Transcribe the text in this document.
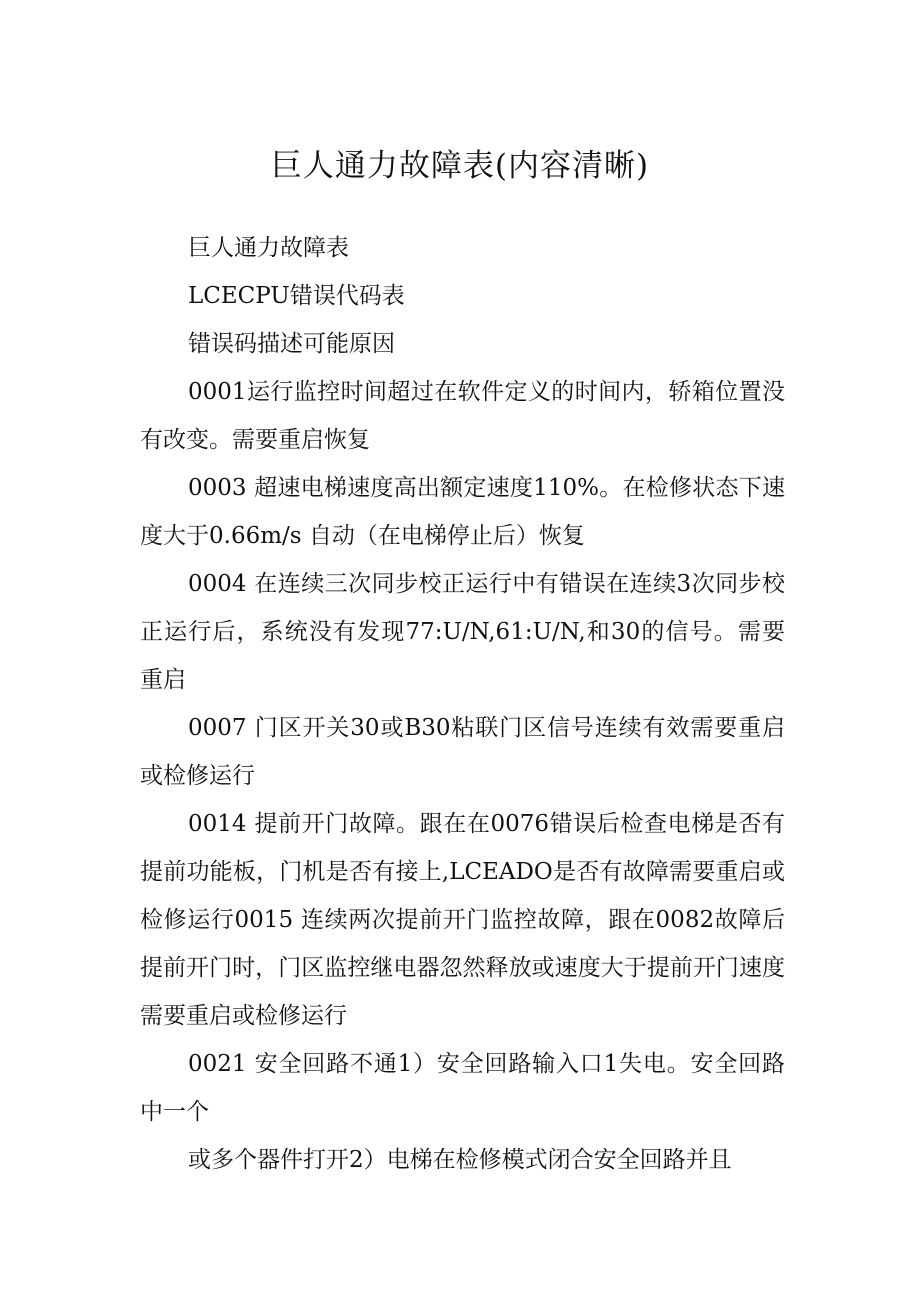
巨人通力故障表(内容清晰)

巨人通力故障表

LCECPU错误代码表

错误码描述可能原因

0001运行监控时间超过在软件定义的时间内，轿箱位置没有改变。需要重启恢复

0003 超速电梯速度高出额定速度110%。在检修状态下速度大于0.66m/s 自动（在电梯停止后）恢复

0004 在连续三次同步校正运行中有错误在连续3次同步校正运行后，系统没有发现77:U/N,61:U/N,和30的信号。需要重启

0007 门区开关30或B30粘联门区信号连续有效需要重启或检修运行

0014 提前开门故障。跟在在0076错误后检查电梯是否有提前功能板，门机是否有接上,LCEADO是否有故障需要重启或检修运行0015 连续两次提前开门监控故障，跟在0082故障后提前开门时，门区监控继电器忽然释放或速度大于提前开门速度需要重启或检修运行

0021 安全回路不通1）安全回路输入口1失电。安全回路中一个

或多个器件打开2）电梯在检修模式闭合安全回路并且
